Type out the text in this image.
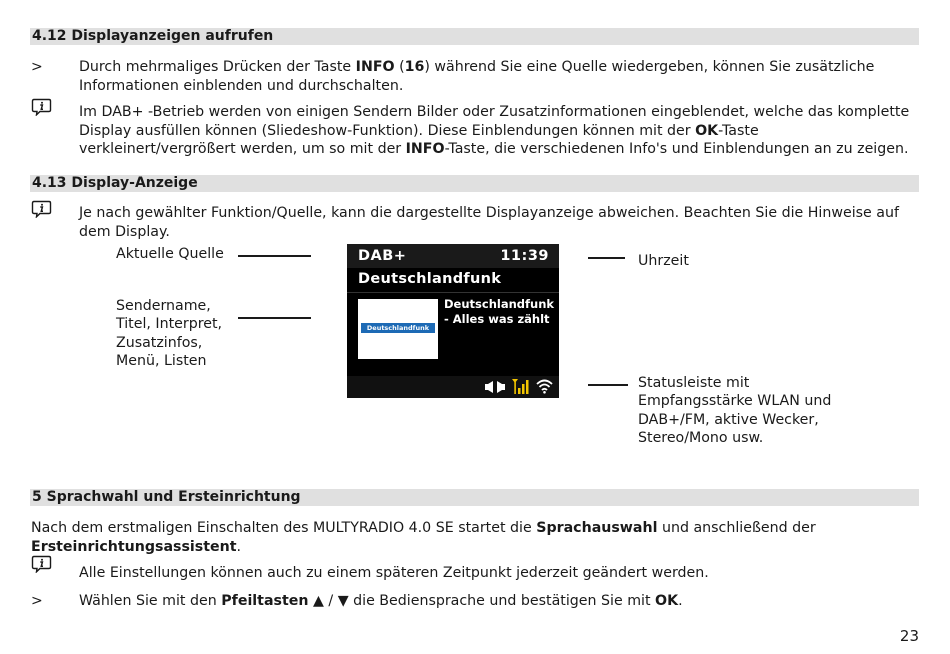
4.12 Displayanzeigen aufrufen
>	Durch mehrmaliges Drücken der Taste INFO (16) während Sie eine Quelle wiedergeben, können Sie zusätzliche Informationen einblenden und durchschalten.
Im DAB+ -Betrieb werden von einigen Sendern Bilder oder Zusatzinformationen eingeblendet, welche das komplette Display ausfüllen können (Sliedeshow-Funktion). Diese Einblendungen können mit der OK-Taste verkleinert/vergrößert werden, um so mit der INFO-Taste, die verschiedenen Info's und Einblendungen an zu zeigen.
4.13 Display-Anzeige
Je nach gewählter Funktion/Quelle, kann die dargestellte Displayanzeige abweichen. Beachten Sie die Hinweise auf dem Display.
Aktuelle Quelle
Sendername,
Titel, Interpret,
Zusatzinfos,
Menü, Listen
Uhrzeit
Statusleiste mit
Empfangsstärke WLAN und
DAB+/FM, aktive Wecker,
Stereo/Mono usw.
DAB+	11:39
Deutschlandfunk
Deutschlandfunk
Deutschlandfunk
- Alles was zählt
5 Sprachwahl und Ersteinrichtung
Nach dem erstmaligen Einschalten des MULTYRADIO 4.0 SE startet die Sprachauswahl und anschließend der Ersteinrichtungsassistent.
Alle Einstellungen können auch zu einem späteren Zeitpunkt jederzeit geändert werden.
>	Wählen Sie mit den Pfeiltasten ▲ / ▼ die Bediensprache und bestätigen Sie mit OK.
23
